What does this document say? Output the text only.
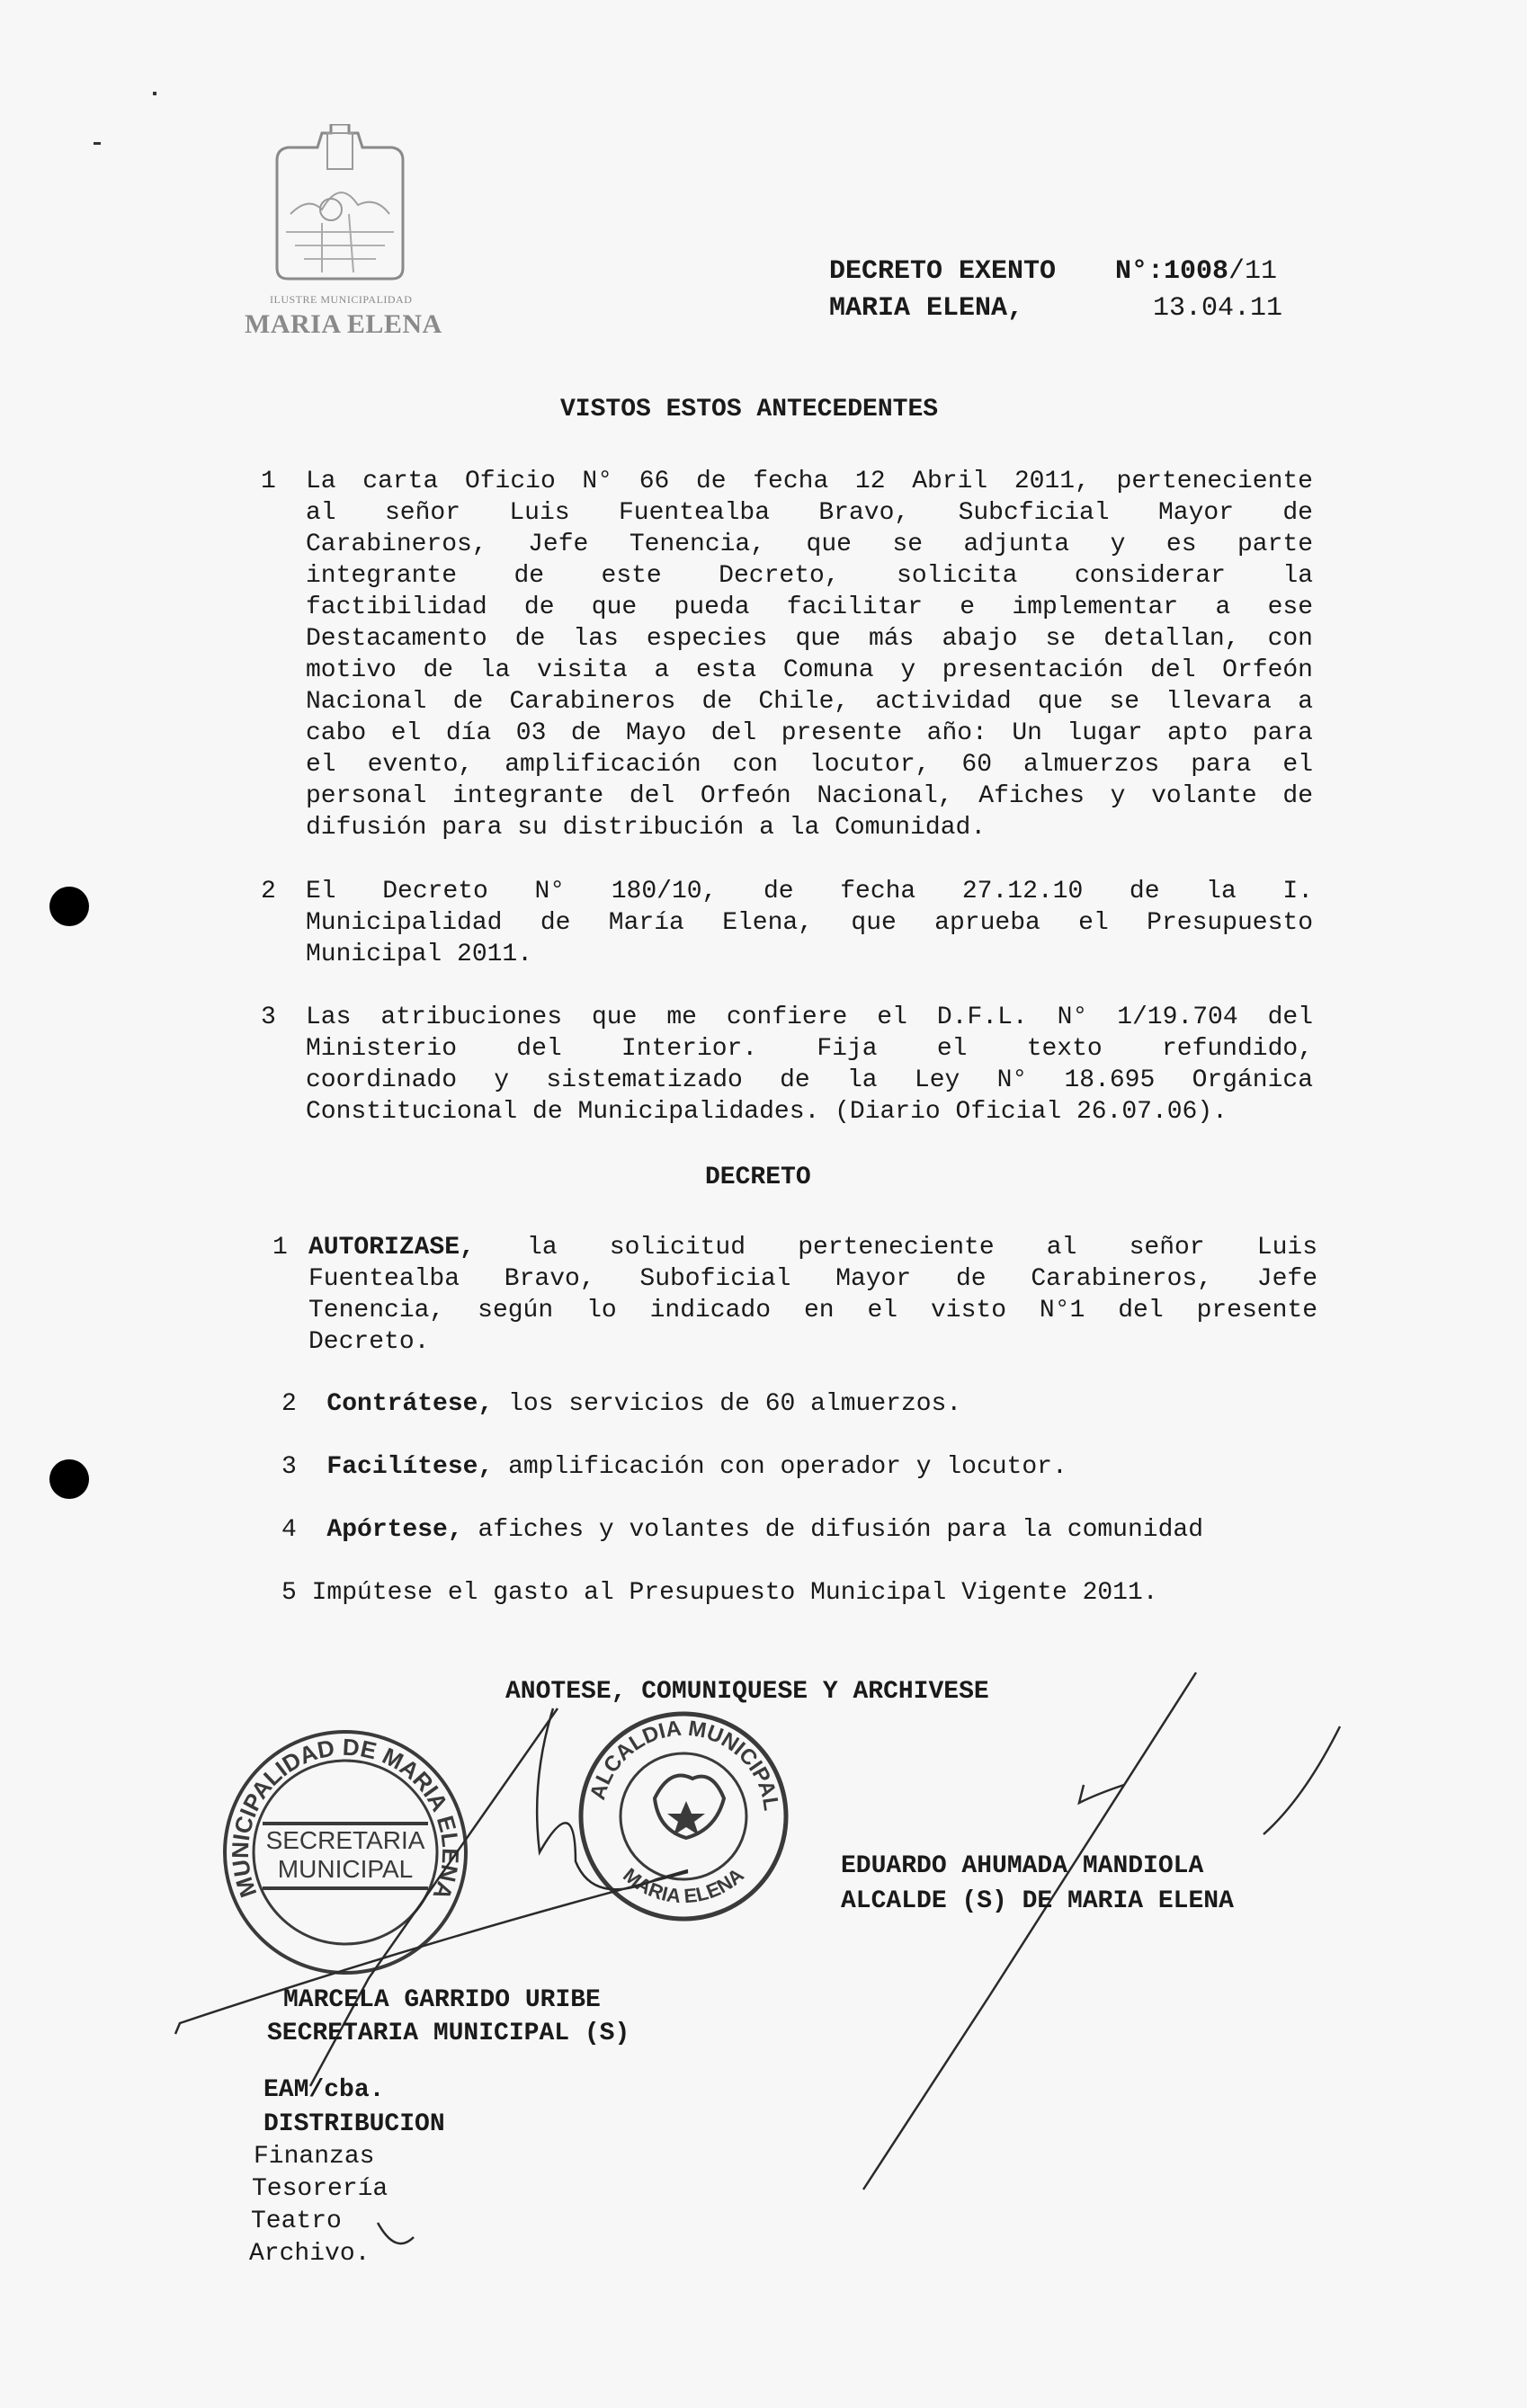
ILUSTRE MUNICIPALIDAD
MARIA ELENA
DECRETO EXENTO N°:1008/11
MARIA ELENA,	13.04.11
VISTOS ESTOS ANTECEDENTES
1 La carta Oficio N° 66 de fecha 12 Abril 2011, perteneciente
al señor Luis Fuentealba Bravo, Subcficial Mayor de
Carabineros, Jefe Tenencia, que se adjunta y es parte
integrante de este Decreto, solicita considerar la
factibilidad de que pueda facilitar e implementar a ese
Destacamento de las especies que más abajo se detallan, con
motivo de la visita a esta Comuna y presentación del Orfeón
Nacional de Carabineros de Chile, actividad que se llevara a
cabo el día 03 de Mayo del presente año: Un lugar apto para
el evento, amplificación con locutor, 60 almuerzos para el
personal integrante del Orfeón Nacional, Afiches y volante de
difusión para su distribución a la Comunidad.
2 El Decreto N° 180/10, de fecha 27.12.10 de la I.
Municipalidad de María Elena, que aprueba el Presupuesto
Municipal 2011.
3 Las atribuciones que me confiere el D.F.L. N° 1/19.704 del
Ministerio del Interior. Fija el texto refundido,
coordinado y sistematizado de la Ley N° 18.695 Orgánica
Constitucional de Municipalidades. (Diario Oficial 26.07.06).
DECRETO
1 AUTORIZASE, la solicitud perteneciente al señor Luis
Fuentealba Bravo, Suboficial Mayor de Carabineros, Jefe
Tenencia, según lo indicado en el visto N°1 del presente
Decreto.
2 Contrátese, los servicios de 60 almuerzos.
3 Facilítese, amplificación con operador y locutor.
4 Apórtese, afiches y volantes de difusión para la comunidad
5 Impútese el gasto al Presupuesto Municipal Vigente 2011.
ANOTESE, COMUNIQUESE Y ARCHIVESE
MUNICIPALIDAD DE MARIA ELENA
SECRETARIA
MUNICIPAL
ALCALDIA MUNICIPAL
MARIA ELENA	EDUARDO AHUMADA MANDIOLA
ALCALDE (S) DE MARIA ELENA
MARCELA GARRIDO URIBE
SECRETARIA MUNICIPAL (S)
EAM/cba.
DISTRIBUCION
Finanzas
Tesorería
Teatro
Archivo.
